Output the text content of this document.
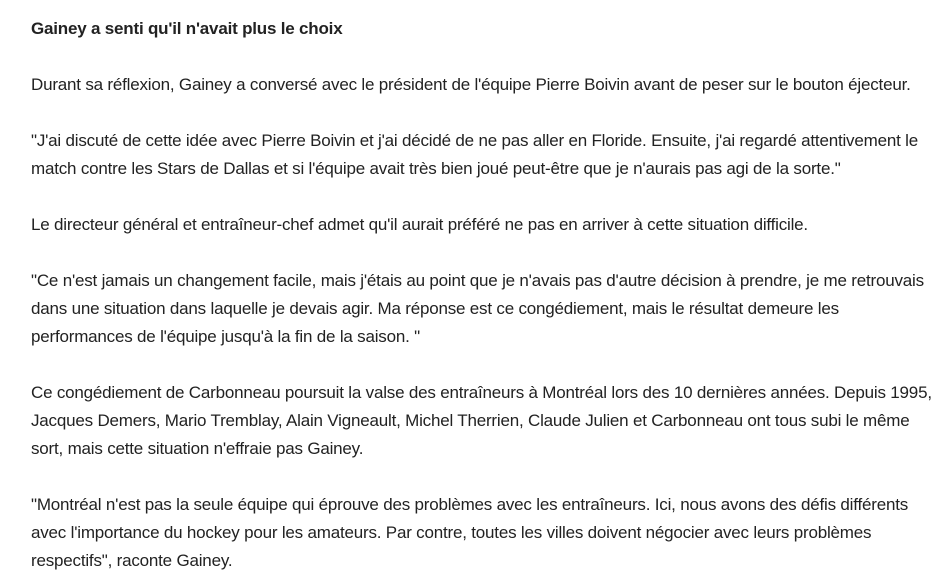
Gainey a senti qu'il n'avait plus le choix

Durant sa réflexion, Gainey a conversé avec le président de l'équipe Pierre Boivin avant de peser sur le bouton éjecteur.

"J'ai discuté de cette idée avec Pierre Boivin et j'ai décidé de ne pas aller en Floride. Ensuite, j'ai regardé attentivement le match contre les Stars de Dallas et si l'équipe avait très bien joué peut-être que je n'aurais pas agi de la sorte."

Le directeur général et entraîneur-chef admet qu'il aurait préféré ne pas en arriver à cette situation difficile.

"Ce n'est jamais un changement facile, mais j'étais au point que je n'avais pas d'autre décision à prendre, je me retrouvais dans une situation dans laquelle je devais agir. Ma réponse est ce congédiement, mais le résultat demeure les performances de l'équipe jusqu'à la fin de la saison. "

Ce congédiement de Carbonneau poursuit la valse des entraîneurs à Montréal lors des 10 dernières années. Depuis 1995, Jacques Demers, Mario Tremblay, Alain Vigneault, Michel Therrien, Claude Julien et Carbonneau ont tous subi le même sort, mais cette situation n'effraie pas Gainey.

"Montréal n'est pas la seule équipe qui éprouve des problèmes avec les entraîneurs. Ici, nous avons des défis différents avec l'importance du hockey pour les amateurs. Par contre, toutes les villes doivent négocier avec leurs problèmes respectifs", raconte Gainey.
